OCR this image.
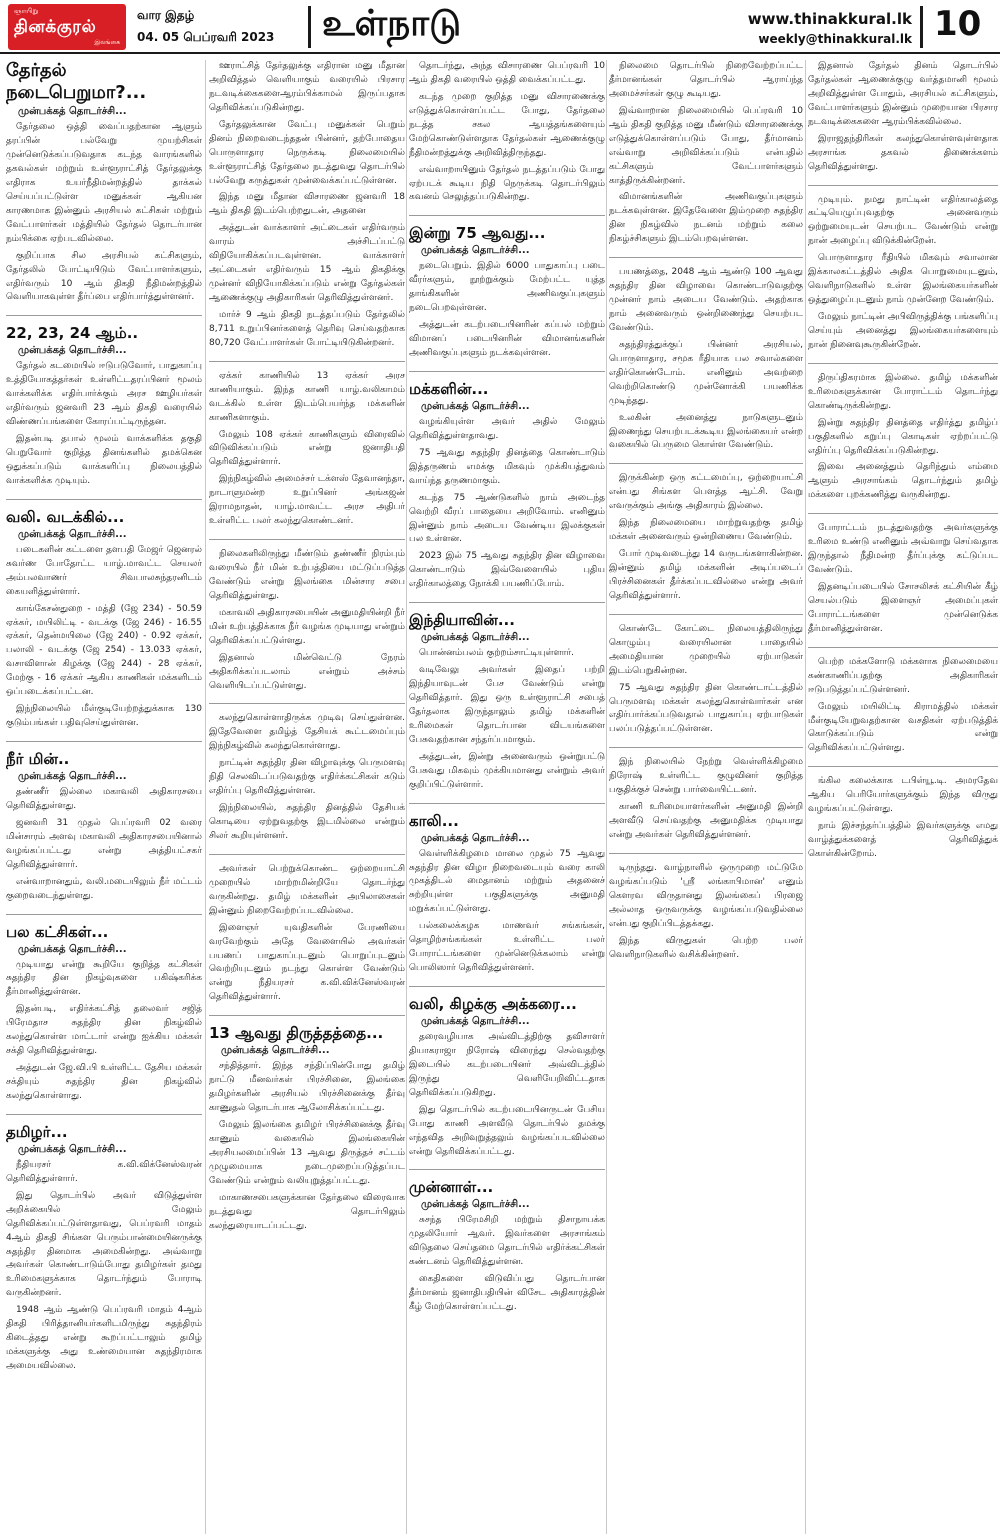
ஞாயிறு
தினக்குரல்
இலங்கை
வார இதழ்
04. 05 பெப்ரவரி 2023 உள்நாடு	www.thinakkural.lk
weekly@thinakkural.lk 10
தேர்தல் நடைபெறுமா?...
முன்பக்கத் தொடர்ச்சி...

தேர்தலை ஒத்தி வைப்பதற்கான ஆளும் தரப்பின் பல்வேறு முயற்சிகள் முன்னெடுக்கப்படுவதாக கடந்த வாரங்களில் தகவல்கள் மற்றும் உள்ளூராட்சித் தேர்தலுக்கு எதிராக உயர்நீதிமன்றத்தில் தாக்கல் செய்யப்பட்டுள்ள மனுக்கள் ஆகியன காரணமாக இன்னும் அரசியல் கட்சிகள் மற்றும் வேட்பாளர்கள் மத்தியில் தேர்தல் தொடர்பான நம்பிக்கை ஏற்படவில்லை.

குறிப்பாக சில அரசியல் கட்சிகளும், தேர்தலில் போட்டியிடும் வேட்பாளர்களும், எதிர்வரும் 10 ஆம் திகதி நீதிமன்றத்தில் வெளியாகவுள்ள தீர்ப்பை எதிர்பார்த்துள்ளனர்.

22, 23, 24 ஆம்..
முன்பக்கத் தொடர்ச்சி...

தேர்தல் கடமையில் ஈடுபடுவோர், பாதுகாப்பு உத்தியோகத்தர்கள் உள்ளிட்டதரப்பினர் மூலம் வாக்களிக்க எதிர்பார்க்கும் அரச ஊழியர்கள் எதிர்வரும் ஜனவரி 23 ஆம் திகதி வரையில் விண்ணப்பங்களை கோரப்பட்டிருந்தன.

இதன்படி தபால் மூலம் வாக்களிக்க தகுதி பெறுவோர் குறித்த தினங்களில் தமக்கென ஒதுக்கப்படும் வாக்களிப்பு நிலையத்தில் வாக்களிக்க முடியும்.

வலி. வடக்கில்...
முன்பக்கத் தொடர்ச்சி...

படைகளின் கட்டளை தளபதி மேஜர் ஜெனரல் சுவர்ண போதோட்ட யாழ்.மாவட்ட செயலர் அம்பலவாணர் சிவபாலசுந்தரனிடம் கையளித்துள்ளார்.

காங்கேசன்துறை - மத்தி (ஜே 234) - 50.59 ஏக்கர், மயிலிட்டி - வடக்கு (ஜே 246) - 16.55 ஏக்கர், தென்மயிலை (ஜே 240) - 0.92 ஏக்கர், பலாலி - வடக்கு (ஜே 254) - 13.033 ஏக்கர், வசாவிளான் கிழக்கு (ஜே 244) - 28 ஏக்கர், மேற்கு - 16 ஏக்கர் ஆகிய காணிகள் மக்களிடம் ஒப்படைக்கப்பட்டன.

இந்நிலையில் மீள்குடியேற்றத்துக்காக 130 குடும்பங்கள் பதிவுசெய்துள்ளன.

நீர் மின்..
முன்பக்கத் தொடர்ச்சி...

தண்ணீர் இல்லை மகாவலி அதிகாரசபை தெரிவித்துள்ளது.

ஜனவரி 31 முதல் பெப்ரவரி 02 வரை மின்சாரம் அளவு மகாவலி அதிகாரசபையினால் வழங்கப்பட்டது என்று அத்தியட்சகர் தெரிவித்துள்ளார்.

என்வாறானதும், வலி.மடையிலும் நீர் மட்டம் குறைவடைந்துள்ளது.

பல கட்சிகள்...
முன்பக்கத் தொடர்ச்சி...

முடியாது என்று கூறியே குறித்த கட்சிகள் சுதந்திர தின நிகழ்வுகளை பகிஷ்கரிக்க தீர்மானித்துள்ளன.

இதன்படி, எதிர்க்கட்சித் தலைவர் சஜித் பிரேமதாச சுதந்திர தின நிகழ்வில் கலந்துகொள்ள மாட்டார் என்று ஐக்கிய மக்கள் சக்தி தெரிவித்துள்ளது.

அத்துடன் ஜே.வி.பி உள்ளிட்ட தேசிய மக்கள் சக்தியும் சுதந்திர தின நிகழ்வில் கலந்துகொள்ளாது.

தமிழர்...
முன்பக்கத் தொடர்ச்சி...

நீதியரசர் க.வி.விக்னேஸ்வரன் தெரிவித்துள்ளார்.

இது தொடர்பில் அவர் விடுத்துள்ள அறிக்கையில் மேலும் தெரிவிக்கப்பட்டுள்ளதாவது, பெப்ரவரி மாதம் 4ஆம் திகதி சிங்கள பெரும்பான்மையினருக்கு சுதந்திர தினமாக அமைகின்றது. அவ்வாறு அவர்கள் கொண்டாடும்போது தமிழர்கள் தமது உரிமைகளுக்காக தொடர்ந்தும் போராடி வருகின்றனர்.

1948 ஆம் ஆண்டு பெப்ரவரி மாதம் 4ஆம் திகதி பிரித்தானியர்களிடமிருந்து சுதந்திரம் கிடைத்தது என்று கூறப்பட்டாலும் தமிழ் மக்களுக்கு அது உண்மையான சுதந்திரமாக அமையவில்லை.

ஊராட்சித் தேர்தலுக்கு எதிரான மனு மீதான அறிவித்தல் வெளியாகும் வரையில் பிரசார நடவடிக்கைகளைஆரம்பிக்காமல் இருப்பதாக தெரிவிக்கப்படுகின்றது.

தேர்தலுக்கான வேட்பு மனுக்கள் பெறும் தினம் நிறைவடைந்ததன் பின்னர், தற்போதைய பொருளாதார நெருக்கடி நிலைமையில் உள்ளூராட்சித் தேர்தலை நடத்துவது தொடர்பில் பல்வேறு கருத்துகள் முன்வைக்கப்பட்டுள்ளன.

இந்த மனு மீதான விசாரணை ஜனவரி 18 ஆம் திகதி இடம்பெற்றதுடன், அதனை

அத்துடன் வாக்காளர் அட்டைகள் எதிர்வரும் வாரம் அச்சிடப்பட்டு விநியோகிக்கப்படவுள்ளன. வாக்காளர் அட்டைகள் எதிர்வரும் 15 ஆம் திகதிக்கு முன்னர் விநியோகிக்கப்படும் என்று தேர்தல்கள் ஆணைக்குழு அதிகாரிகள் தெரிவித்துள்ளனர்.

மார்ச் 9 ஆம் திகதி நடத்தப்படும் தேர்தலில் 8,711 உறுப்பினர்களைத் தெரிவு செய்வதற்காக 80,720 வேட்பாளர்கள் போட்டியிடுகின்றனர்.

ஏக்கர் காணியில் 13 ஏக்கர் அரச காணியாகும். இந்த காணி யாழ்.வலிகாமம் வடக்கில் உள்ள இடம்பெயர்ந்த மக்களின் காணிகளாகும்.

மேலும் 108 ஏக்கர் காணிகளும் விரைவில் விடுவிக்கப்படும் என்று ஜனாதிபதி தெரிவித்துள்ளார்.

இந்நிகழ்வில் அமைச்சர் டக்ளஸ் தேவானந்தா, நாடாளுமன்ற உறுப்பினர் அங்கஜன் இராமநாதன், யாழ்.மாவட்ட அரச அதிபர் உள்ளிட்ட பலர் கலந்துகொண்டனர்.

நிலைகளிலிருந்து மீண்டும் தண்ணீர் நிரம்பும் வரையில் நீர் மின் உற்பத்தியை மட்டுப்படுத்த வேண்டும் என்று இலங்கை மின்சார சபை தெரிவித்துள்ளது.

மகாவலி அதிகாரசபையின் அனுமதியின்றி நீர் மின் உற்பத்திக்காக நீர் வழங்க முடியாது என்றும் தெரிவிக்கப்பட்டுள்ளது.

இதனால் மின்வெட்டு நேரம் அதிகரிக்கப்படலாம் என்றும் அச்சம் வெளியிடப்பட்டுள்ளது.

கலந்துகொள்ளாதிருக்க முடிவு செய்துள்ளன. இதேவேளை தமிழ்த் தேசியக் கூட்டமைப்பும் இந்நிகழ்வில் கலந்துகொள்ளாது.

நாட்டின் சுதந்திர தின விழாவுக்கு பெருமளவு நிதி செலவிடப்படுவதற்கு எதிர்க்கட்சிகள் கடும் எதிர்ப்பு தெரிவித்துள்ளன.

இந்நிலையில், சுதந்திர தினத்தில் தேசியக் கொடியை ஏற்றுவதற்கு இடமில்லை என்றும் சிலர் கூறியுள்ளனர்.

அவர்கள் பெற்றுக்கொண்ட ஒற்றையாட்சி முறையில் மாற்றமின்றியே தொடர்ந்து வருகின்றது. தமிழ் மக்களின் அபிலாசைகள் இன்னும் நிறைவேற்றப்படவில்லை.

இளைஞர் யுவதிகளின் பேரணியை வரவேற்கும் அதே வேளையில் அவர்கள் பயணப் பாதுகாப்புடனும் பொறுப்புடனும் வெற்றியுடனும் நடந்து கொள்ள வேண்டும் என்று நீதியரசர் க.வி.விக்னேஸ்வரன் தெரிவித்துள்ளார்.

13 ஆவது திருத்தத்தை...
முன்பக்கத் தொடர்ச்சி...

சந்தித்தார். இந்த சந்திப்பின்போது தமிழ் நாட்டு மீனவர்கள் பிரச்சினை, இலங்கை தமிழர்களின் அரசியல் பிரச்சினைக்கு தீர்வு காணுதல் தொடர்பாக ஆலோசிக்கப்பட்டது.

மேலும் இலங்கை தமிழர் பிரச்சினைக்கு தீர்வு காணும் வகையில் இலங்கையின் அரசியலமைப்பின் 13 ஆவது திருத்தச் சட்டம் முழுமையாக நடைமுறைப்படுத்தப்பட வேண்டும் என்றும் வலியுறுத்தப்பட்டது.

மாகாணசபைகளுக்கான தேர்தலை விரைவாக நடத்துவது தொடர்பிலும் கலந்துரையாடப்பட்டது.

தொடர்ந்து, அந்த விசாரணை பெப்ரவரி 10 ஆம் திகதி வரையில் ஒத்தி வைக்கப்பட்டது.

கடந்த முறை குறித்த மனு விசாரணைக்கு எடுத்துக்கொள்ளப்பட்ட போது, தேர்தலை நடத்த சகல ஆயத்தங்களையும் மேற்கொண்டுள்ளதாக தேர்தல்கள் ஆணைக்குழு நீதிமன்றத்துக்கு அறிவித்திருந்தது.

எவ்வாறாயினும் தேர்தல் நடத்தப்படும் போது ஏற்படக் கூடிய நிதி நெருக்கடி தொடர்பிலும் கவனம் செலுத்தப்படுகின்றது.

இன்று 75 ஆவது...
முன்பக்கத் தொடர்ச்சி...

நடைபெறும். இதில் 6000 பாதுகாப்பு படை வீரர்களும், நூற்றுக்கும் மேற்பட்ட யுத்த தாங்கிகளின் அணிவகுப்புகளும் நடைபெறவுள்ளன.

அத்துடன் கடற்படையினரின் கப்பல் மற்றும் விமானப் படையினரின் விமானங்களின் அணிவகுப்புகளும் நடக்கவுள்ளன.

மக்களின்...
முன்பக்கத் தொடர்ச்சி...

வழங்கியுள்ள அவர் அதில் மேலும் தெரிவித்துள்ளதாவது.

75 ஆவது சுதந்திர தினத்தை கொண்டாடும் இத்தருணம் எமக்கு மிகவும் முக்கியத்துவம் வாய்ந்த தருணமாகும்.

கடந்த 75 ஆண்டுகளில் நாம் அடைந்த வெற்றி வீரப் பாதையை அறிவோம். எனினும் இன்னும் நாம் அடைய வேண்டிய இலக்குகள் பல உள்ளன.

2023 இல் 75 ஆவது சுதந்திர தின விழாவை கொண்டாடும் இவ்வேளையில் புதிய எதிர்காலத்தை நோக்கி பயணிப்போம்.

இந்தியாவின்...
முன்பக்கத் தொடர்ச்சி...

பொன்னம்பலம் குற்றம்சாட்டியுள்ளார்.

வடிவேலு அவர்கள் இதைப் பற்றி இந்தியாவுடன் பேச வேண்டும் என்று தெரிவித்தார். இது ஒரு உள்ளூராட்சி சபைத் தேர்தலாக இருந்தாலும் தமிழ் மக்களின் உரிமைகள் தொடர்பான விடயங்களை பேசுவதற்கான சந்தர்ப்பமாகும்.

அத்துடன், இன்று அனைவரும் ஒன்றுபட்டு பேசுவது மிகவும் முக்கியமானது என்றும் அவர் குறிப்பிட்டுள்ளார்.

காலி...
முன்பக்கத் தொடர்ச்சி...

வெள்ளிக்கிழமை மாலை முதல் 75 ஆவது சுதந்திர தின விழா நிறைவடையும் வரை காலி முகத்திடல் மைதானம் மற்றும் அதனைச் சுற்றியுள்ள பகுதிகளுக்கு அனுமதி மறுக்கப்பட்டுள்ளது.

பல்கலைக்கழக மாணவர் சங்கங்கள், தொழிற்சங்கங்கள் உள்ளிட்ட பலர் போராட்டங்களை முன்னெடுக்கலாம் என்று பொலிஸார் தெரிவித்துள்ளனர்.

வலி, கிழக்கு அக்கரை...
முன்பக்கத் தொடர்ச்சி...

தரைவழியாக அவ்விடத்திற்கு தவிசாளர் தியாகராஜா நிரோஷ் விரைந்து செல்வதற்கு இடையில் கடற்படையினர் அவ்விடத்தில் இருந்து வெளியேறிவிட்டதாக தெரிவிக்கப்படுகிறது.

இது தொடர்பில் கடற்படையினருடன் பேசிய போது காணி அளவீடு தொடர்பில் தமக்கு எந்தவித அறிவுறுத்தலும் வழங்கப்படவில்லை என்று தெரிவிக்கப்பட்டது.

முன்னாள்...
முன்பக்கத் தொடர்ச்சி...

சுசந்த பிரேமசிறி மற்றும் திசாநாயக்க முதலியோர் ஆவர். இவர்களை அரசாங்கம் விடுதலை செய்தமை தொடர்பில் எதிர்க்கட்சிகள் கண்டனம் தெரிவித்துள்ளன.

கைதிகளை விடுவிப்பது தொடர்பான தீர்மானம் ஜனாதிபதியின் விசேட அதிகாரத்தின் கீழ் மேற்கொள்ளப்பட்டது.

நிலைமை தொடர்பில் நிறைவேற்றப்பட்ட தீர்மானங்கள் தொடர்பில் ஆராய்ந்த அமைச்சர்கள் குழு கூடியது.

இவ்வாறான நிலைமையில் பெப்ரவரி 10 ஆம் திகதி குறித்த மனு மீண்டும் விசாரணைக்கு எடுத்துக்கொள்ளப்படும் போது, தீர்மானம் எவ்வாறு அறிவிக்கப்படும் என்பதில் கட்சிகளும் வேட்பாளர்களும் காத்திருக்கின்றனர்.

விமானங்களின் அணிவகுப்புகளும் நடக்கவுள்ளன. இதேவேளை இம்முறை சுதந்திர தின நிகழ்வில் நடனம் மற்றும் கலை நிகழ்ச்சிகளும் இடம்பெறவுள்ளன.

பயணத்தை, 2048 ஆம் ஆண்டு 100 ஆவது சுதந்திர தின விழாவை கொண்டாடுவதற்கு முன்னர் நாம் அடைய வேண்டும். அதற்காக நாம் அனைவரும் ஒன்றிணைந்து செயற்பட வேண்டும்.

சுதந்திரத்துக்குப் பின்னர் அரசியல், பொருளாதார, சமூக ரீதியாக பல சவால்களை எதிர்கொண்டோம். எனினும் அவற்றை வெற்றிகொண்டு முன்னோக்கி பயணிக்க முடிந்தது.

உலகின் அனைத்து நாடுகளுடனும் இணைந்து செயற்படக்கூடிய இலங்கையர் என்ற வகையில் பெருமை கொள்ள வேண்டும்.

இருக்கின்ற ஒரு கட்டமைப்பு, ஒற்றையாட்சி என்பது சிங்கள பௌத்த ஆட்சி. வேறு எவருக்கும் அங்கு அதிகாரம் இல்லை.

இந்த நிலைமையை மாற்றுவதற்கு தமிழ் மக்கள் அனைவரும் ஒன்றிணைய வேண்டும்.

போர் முடிவடைந்து 14 வருடங்களாகின்றன. இன்னும் தமிழ் மக்களின் அடிப்படைப் பிரச்சினைகள் தீர்க்கப்படவில்லை என்று அவர் தெரிவித்துள்ளார்.

கொண்டே கோட்டை நிலையத்திலிருந்து கொழும்பு வரையிலான பாதையில் அமைதியான முறையில் ஏற்பாடுகள் இடம்பெறுகின்றன.

75 ஆவது சுதந்திர தின கொண்டாட்டத்தில் பெருமளவு மக்கள் கலந்துகொள்வார்கள் என எதிர்பார்க்கப்படுவதால் பாதுகாப்பு ஏற்பாடுகள் பலப்படுத்தப்பட்டுள்ளன.

இந் நிலையில் நேற்று வெள்ளிக்கிழமை நிரோஷ் உள்ளிட்ட குழுவினர் குறித்த பகுதிக்குச் சென்று பார்வையிட்டனர்.

காணி உரிமையாளர்களின் அனுமதி இன்றி அளவீடு செய்வதற்கு அனுமதிக்க முடியாது என்று அவர்கள் தெரிவித்துள்ளனர்.

டிருந்தது. வாழ்நாளில் ஒருமுறை மட்டுமே வழங்கப்படும் 'ஸ்ரீ லங்காபிமான' எனும் கௌரவ விருதானது இலங்கைப் பிரஜை அல்லாத ஒருவருக்கு வழங்கப்படுவதில்லை என்பது குறிப்பிடத்தக்கது.

இந்த விருதுகள் பெற்ற பலர் வெளிநாடுகளில் வசிக்கின்றனர்.

இதனால் தேர்தல் தினம் தொடர்பில் தேர்தல்கள் ஆணைக்குழு வர்த்தமானி மூலம் அறிவித்துள்ள போதும், அரசியல் கட்சிகளும், வேட்பாளர்களும் இன்னும் முறையான பிரசார நடவடிக்கைகளை ஆரம்பிக்கவில்லை.

இராஜதந்திரிகள் கலந்துகொள்ளவுள்ளதாக அரசாங்க தகவல் திணைக்களம் தெரிவித்துள்ளது.

முடியும். நமது நாட்டின் எதிர்காலத்தை கட்டியெழுப்புவதற்கு அனைவரும் ஒற்றுமையுடன் செயற்பட வேண்டும் என்று நான் அழைப்பு விடுக்கின்றேன்.

பொருளாதார ரீதியில் மிகவும் சவாலான இக்காலகட்டத்தில் அதிக பொறுமையுடனும், வெளிநாடுகளில் உள்ள இலங்கையர்களின் ஒத்துழைப்புடனும் நாம் முன்னேற வேண்டும்.

மேலும் நாட்டின் அபிவிருத்திக்கு பங்களிப்பு செய்யும் அனைத்து இலங்கையர்களையும் நான் நினைவுகூருகின்றேன்.

திருப்திகரமாக இல்லை. தமிழ் மக்களின் உரிமைகளுக்கான போராட்டம் தொடர்ந்து கொண்டிருக்கின்றது.

இன்று சுதந்திர தினத்தை எதிர்த்து தமிழ்ப் பகுதிகளில் கறுப்பு கொடிகள் ஏற்றப்பட்டு எதிர்ப்பு தெரிவிக்கப்படுகின்றது.

இவை அனைத்தும் தெரிந்தும் எம்மை ஆளும் அரசாங்கம் தொடர்ந்தும் தமிழ் மக்களை புறக்கணித்து வருகின்றது.

போராட்டம் நடத்துவதற்கு அவர்களுக்கு உரிமை உண்டு எனினும் அவ்வாறு செய்வதாக இருந்தால் நீதிமன்ற தீர்ப்புக்கு கட்டுப்பட வேண்டும்.

இதனடிப்படையில் சோசலிசக் கட்சியின் கீழ் செயல்படும் இளைஞர் அமைப்புகள் போராட்டங்களை முன்னெடுக்க தீர்மானித்துள்ளன.

பெற்ற மக்களோடு மக்களாக நிலைமையை கண்காணிப்பதற்கு அதிகாரிகள் ஈடுபடுத்தப்பட்டுள்ளனர்.

மேலும் மயிலிட்டி கிராமத்தில் மக்கள் மீள்குடியேறுவதற்கான வசதிகள் ஏற்படுத்திக் கொடுக்கப்படும் என்று தெரிவிக்கப்பட்டுள்ளது.

ங்கில கலைக்காக டபிள்யூ.டி. அமரதேவ ஆகிய பெரியோர்களுக்கும் இந்த விருது வழங்கப்பட்டுள்ளது.

நாம் இச்சந்தர்ப்பத்தில் இவர்களுக்கு எமது வாழ்த்துக்களைத் தெரிவித்துக் கொள்கின்றோம்.
